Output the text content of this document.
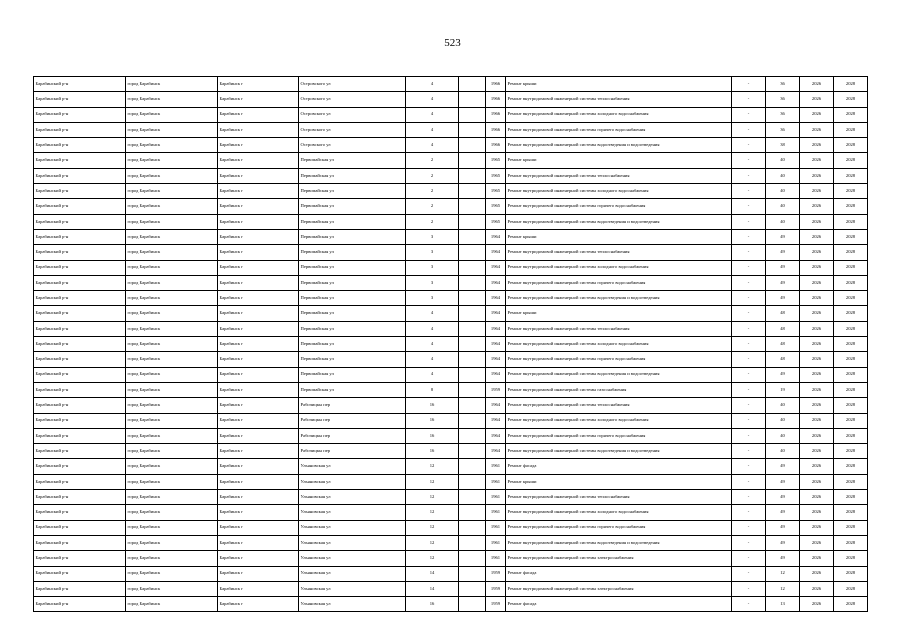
523
Барабинский р-н	город Барабинск	Барабинск г	Островского ул	4		1966	Ремонт крыши	-	36	2026	2028
Барабинский р-н	город Барабинск	Барабинск г	Островского ул	4		1966	Ремонт внутридомовой инженерной системы теплоснабжения	-	36	2026	2028
Барабинский р-н	город Барабинск	Барабинск г	Островского ул	4		1966	Ремонт внутридомовой инженерной системы холодного водоснабжения	-	36	2026	2028
Барабинский р-н	город Барабинск	Барабинск г	Островского ул	4		1966	Ремонт внутридомовой инженерной системы горячего водоснабжения	-	36	2026	2028
Барабинский р-н	город Барабинск	Барабинск г	Островского ул	4		1966	Ремонт внутридомовой инженерной системы водоотведения и водоотведения	-	38	2026	2028
Барабинский р-н	город Барабинск	Барабинск г	Первомайская ул	2		1965	Ремонт крыши	-	40	2026	2028
Барабинский р-н	город Барабинск	Барабинск г	Первомайская ул	2		1965	Ремонт внутридомовой инженерной системы теплоснабжения	-	40	2026	2028
Барабинский р-н	город Барабинск	Барабинск г	Первомайская ул	2		1965	Ремонт внутридомовой инженерной системы холодного водоснабжения	-	40	2026	2028
Барабинский р-н	город Барабинск	Барабинск г	Первомайская ул	2		1965	Ремонт внутридомовой инженерной системы горячего водоснабжения	-	40	2026	2028
Барабинский р-н	город Барабинск	Барабинск г	Первомайская ул	2		1965	Ремонт внутридомовой инженерной системы водоотведения и водоотведения	-	40	2026	2028
Барабинский р-н	город Барабинск	Барабинск г	Первомайская ул	3		1964	Ремонт крыши	-	49	2026	2028
Барабинский р-н	город Барабинск	Барабинск г	Первомайская ул	3		1964	Ремонт внутридомовой инженерной системы теплоснабжения	-	49	2026	2028
Барабинский р-н	город Барабинск	Барабинск г	Первомайская ул	3		1964	Ремонт внутридомовой инженерной системы холодного водоснабжения	-	49	2026	2028
Барабинский р-н	город Барабинск	Барабинск г	Первомайская ул	3		1964	Ремонт внутридомовой инженерной системы горячего водоснабжения	-	49	2026	2028
Барабинский р-н	город Барабинск	Барабинск г	Первомайская ул	3		1964	Ремонт внутридомовой инженерной системы водоотведения и водоотведения	-	49	2026	2028
Барабинский р-н	город Барабинск	Барабинск г	Первомайская ул	4		1964	Ремонт крыши	-	48	2026	2028
Барабинский р-н	город Барабинск	Барабинск г	Первомайская ул	4		1964	Ремонт внутридомовой инженерной системы теплоснабжения	-	48	2026	2028
Барабинский р-н	город Барабинск	Барабинск г	Первомайская ул	4		1964	Ремонт внутридомовой инженерной системы холодного водоснабжения	-	48	2026	2028
Барабинский р-н	город Барабинск	Барабинск г	Первомайская ул	4		1964	Ремонт внутридомовой инженерной системы горячего водоснабжения	-	48	2026	2028
Барабинский р-н	город Барабинск	Барабинск г	Первомайская ул	4		1964	Ремонт внутридомовой инженерной системы водоотведения и водоотведения	-	49	2026	2028
Барабинский р-н	город Барабинск	Барабинск г	Первомайская ул	8		1959	Ремонт внутридомовой инженерной системы газоснабжения	-	19	2026	2028
Барабинский р-н	город Барабинск	Барабинск г	Рабочицкы пер	16		1964	Ремонт внутридомовой инженерной системы теплоснабжения	-	40	2026	2028
Барабинский р-н	город Барабинск	Барабинск г	Рабочицкы пер	16		1964	Ремонт внутридомовой инженерной системы холодного водоснабжения	-	40	2026	2028
Барабинский р-н	город Барабинск	Барабинск г	Рабочицкы пер	16		1964	Ремонт внутридомовой инженерной системы горячего водоснабжения	-	40	2026	2028
Барабинский р-н	город Барабинск	Барабинск г	Рабочицкы пер	16		1964	Ремонт внутридомовой инженерной системы водоотведения и водоотведения	-	40	2026	2028
Барабинский р-н	город Барабинск	Барабинск г	Ульяновская ул	12		1961	Ремонт фасада	-	49	2026	2028
Барабинский р-н	город Барабинск	Барабинск г	Ульяновская ул	12		1961	Ремонт крыши	-	49	2026	2028
Барабинский р-н	город Барабинск	Барабинск г	Ульяновская ул	12		1961	Ремонт внутридомовой инженерной системы теплоснабжения	-	49	2026	2028
Барабинский р-н	город Барабинск	Барабинск г	Ульяновская ул	12		1961	Ремонт внутридомовой инженерной системы холодного водоснабжения	-	49	2026	2028
Барабинский р-н	город Барабинск	Барабинск г	Ульяновская ул	12		1961	Ремонт внутридомовой инженерной системы горячего водоснабжения	-	49	2026	2028
Барабинский р-н	город Барабинск	Барабинск г	Ульяновская ул	12		1961	Ремонт внутридомовой инженерной системы водоотведения и водоотведения	-	49	2026	2028
Барабинский р-н	город Барабинск	Барабинск г	Ульяновская ул	12		1961	Ремонт внутридомовой инженерной системы электроснабжения	-	49	2026	2028
Барабинский р-н	город Барабинск	Барабинск г	Ульяновская ул	14		1959	Ремонт фасада	-	12	2026	2028
Барабинский р-н	город Барабинск	Барабинск г	Ульяновская ул	14		1959	Ремонт внутридомовой инженерной системы электроснабжения	-	12	2026	2028
Барабинский р-н	город Барабинск	Барабинск г	Ульяновская ул	16		1959	Ремонт фасада	-	13	2026	2028
